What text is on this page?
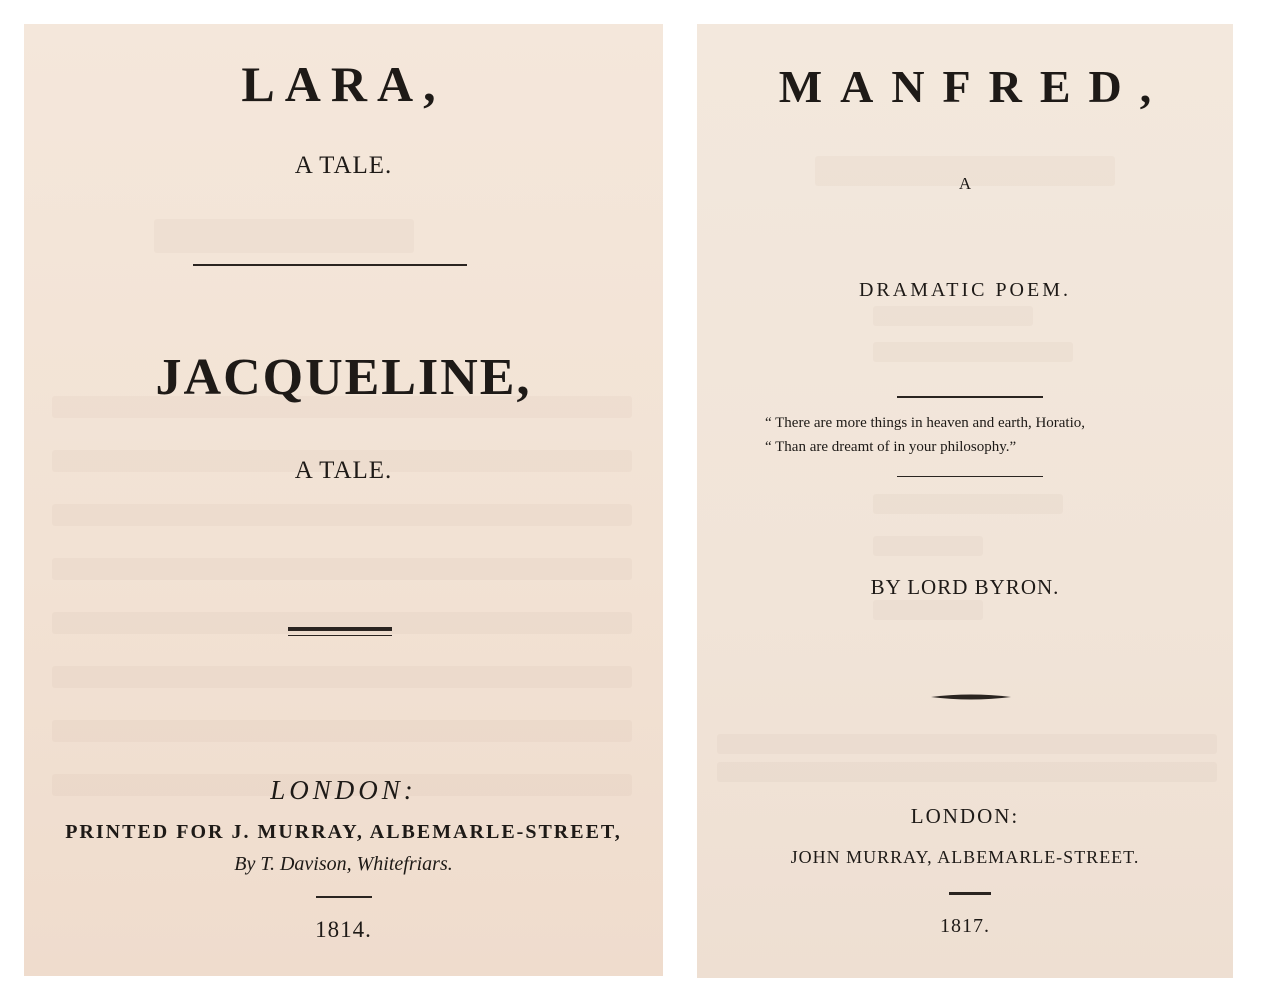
LARA,
A TALE.
JACQUELINE,
A TALE.
LONDON:
PRINTED FOR J. MURRAY, ALBEMARLE-STREET,
By T. Davison, Whitefriars.
1814.
MANFRED,
A
DRAMATIC POEM.
“ There are more things in heaven and earth, Horatio,
“ Than are dreamt of in your philosophy.”
BY LORD BYRON.
LONDON:
JOHN MURRAY, ALBEMARLE-STREET.
1817.
